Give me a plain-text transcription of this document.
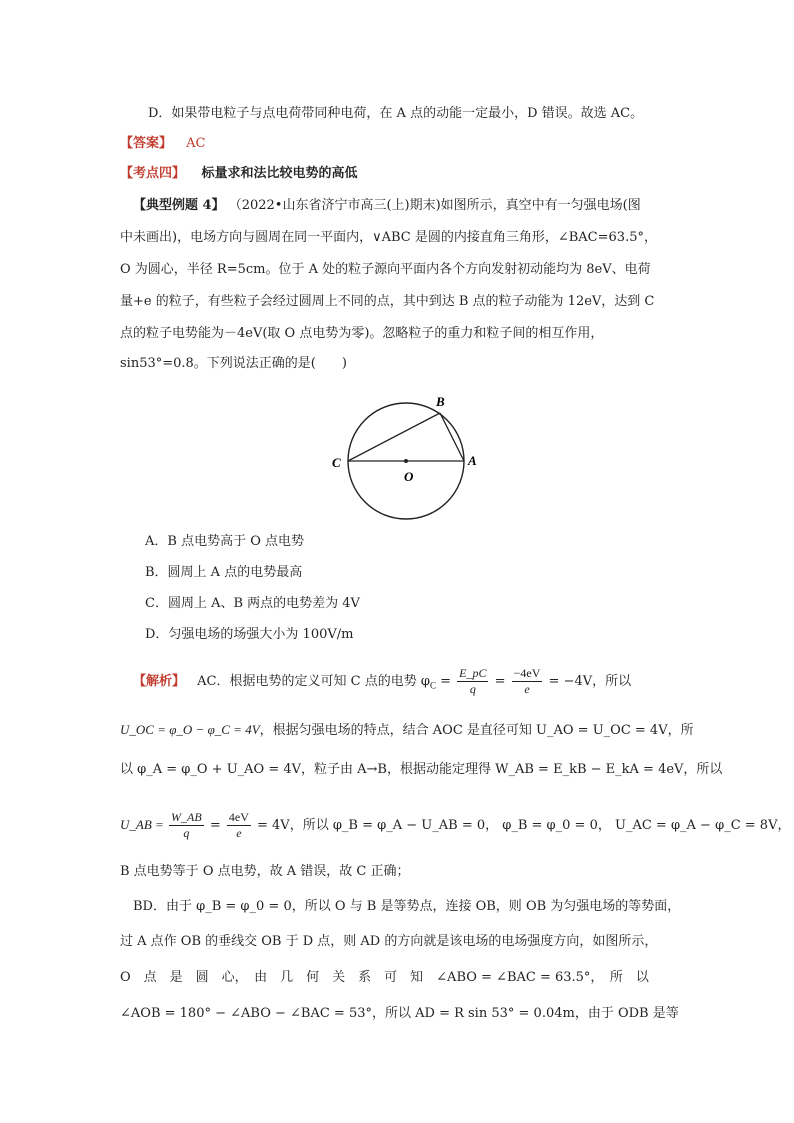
D．如果带电粒子与点电荷带同种电荷，在 A 点的动能一定最小，D 错误。故选 AC。
【答案】 AC
【考点四】 标量求和法比较电势的高低
【典型例题 4】 （2022•山东省济宁市高三(上)期末)如图所示，真空中有一匀强电场(图
中未画出)，电场方向与圆周在同一平面内，∨ABC 是圆的内接直角三角形，∠BAC=63.5°，
O 为圆心，半径 R=5cm。位于 A 处的粒子源向平面内各个方向发射初动能均为 8eV、电荷
量+e 的粒子，有些粒子会经过圆周上不同的点，其中到达 B 点的粒子动能为 12eV，达到 C
点的粒子电势能为－4eV(取 O 点电势为零)。忽略粒子的重力和粒子间的相互作用，
sin53°=0.8。下列说法正确的是(　　)
B
C
O
A
A．B 点电势高于 O 点电势
B．圆周上 A 点的电势最高
C．圆周上 A、B 两点的电势差为 4V
D．匀强电场的场强大小为 100V/m
【解析】 AC．根据电势的定义可知 C 点的电势 $\varphi_C = \frac{E\_pC}{q} = \frac{-4eV}{e} = -4V$，所以
U_OC = φ_O − φ_C = 4V，根据匀强电场的特点，结合 AOC 是直径可知 U_AO = U_OC = 4V，所
以 φ_A = φ_O + U_AO = 4V，粒子由 A→B，根据动能定理得 W_AB = E_kB − E_kA = 4eV，所以
U_AB = $\frac{W\_AB}{q} = \frac{4eV}{e} = 4V$，所以 φ_B = φ_A − U_AB = 0， φ_B = φ_0 = 0， U_AC = φ_A − φ_C = 8V，
B 点电势等于 O 点电势，故 A 错误，故 C 正确；
BD．由于 φ_B = φ_0 = 0，所以 O 与 B 是等势点，连接 OB，则 OB 为匀强电场的等势面，
过 A 点作 OB 的垂线交 OB 于 D 点，则 AD 的方向就是该电场的电场强度方向，如图所示，
O　点　是　圆　心，　由　几　何　关　系　可　知　∠ABO = ∠BAC = 63.5°，　所　以
∠AOB = 180° − ∠ABO − ∠BAC = 53°，所以 AD = R sin 53° = 0.04m，由于 ODB 是等
